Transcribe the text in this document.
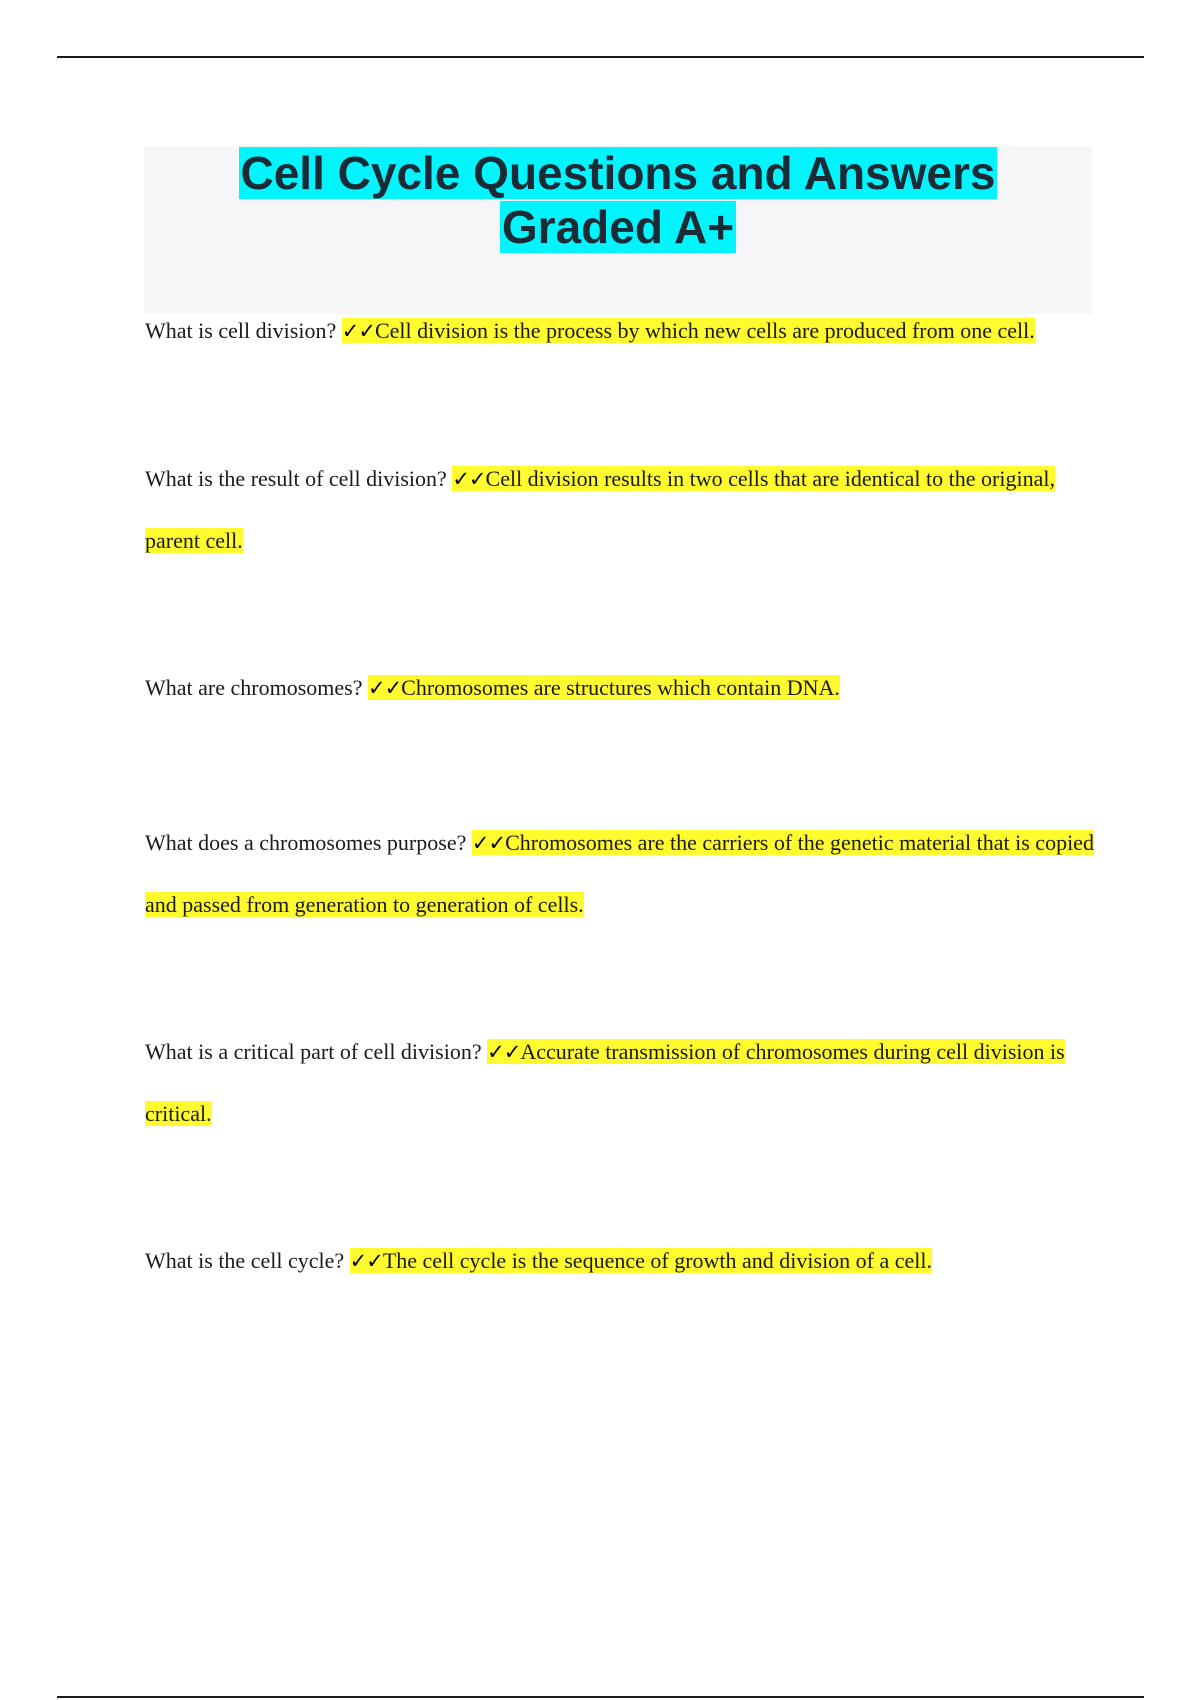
Cell Cycle Questions and Answers
Graded A+

What is cell division? ✓✓Cell division is the process by which new cells are produced from one cell.

What is the result of cell division? ✓✓Cell division results in two cells that are identical to the original, parent cell.

What are chromosomes? ✓✓Chromosomes are structures which contain DNA.

What does a chromosomes purpose? ✓✓Chromosomes are the carriers of the genetic material that is copied and passed from generation to generation of cells.

What is a critical part of cell division? ✓✓Accurate transmission of chromosomes during cell division is critical.

What is the cell cycle? ✓✓The cell cycle is the sequence of growth and division of a cell.
